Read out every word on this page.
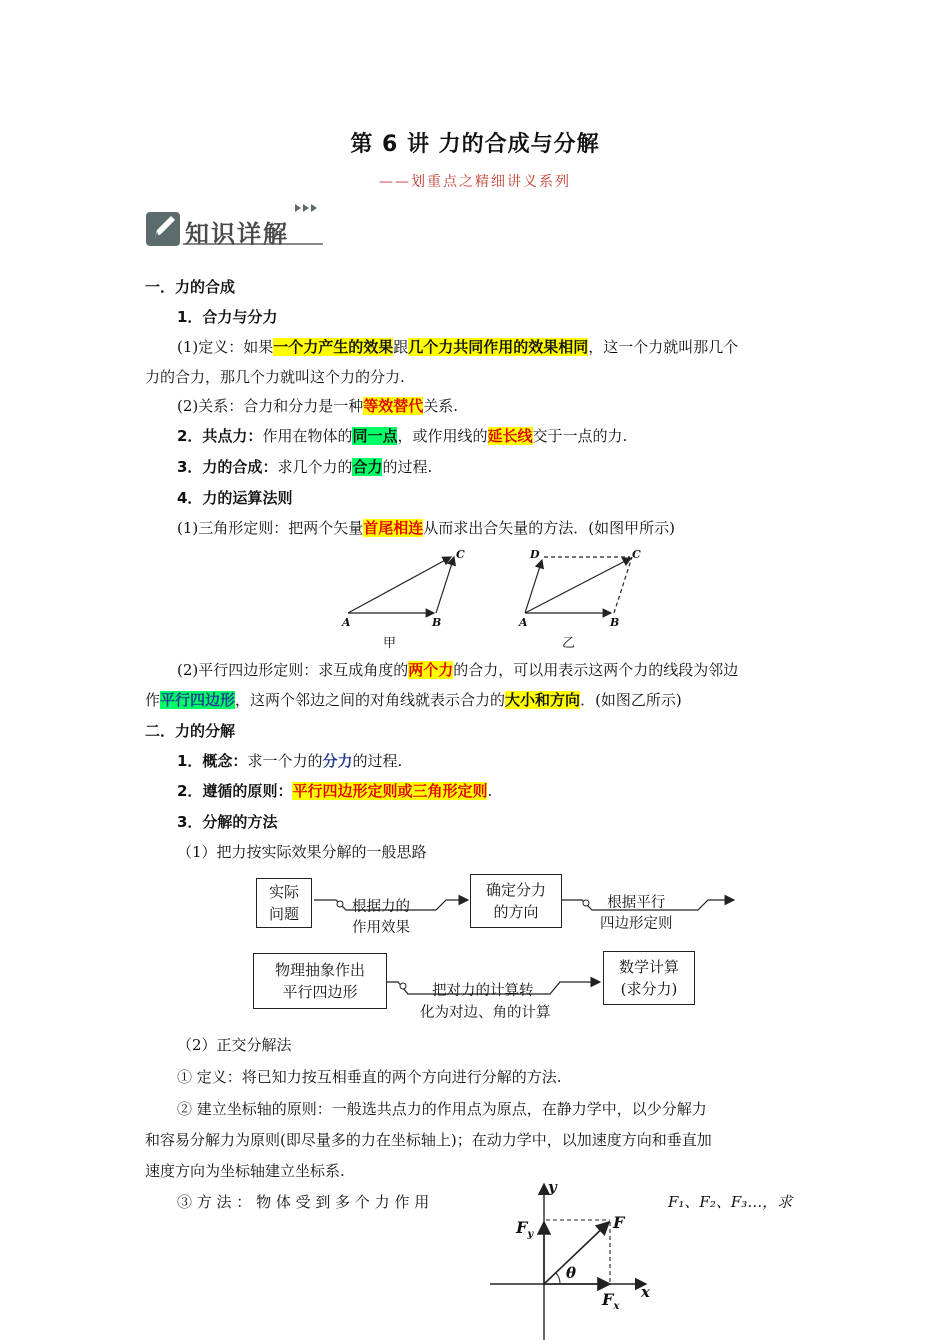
第 6 讲 力的合成与分解
——划重点之精细讲义系列
知识详解
一．力的合成
1．合力与分力
(1)定义：如果一个力产生的效果跟几个力共同作用的效果相同，这一个力就叫那几个
力的合力，那几个力就叫这个力的分力.
(2)关系：合力和分力是一种等效替代关系.
2．共点力：作用在物体的同一点，或作用线的延长线交于一点的力.
3．力的合成：求几个力的合力的过程.
4．力的运算法则
(1)三角形定则：把两个矢量首尾相连从而求出合矢量的方法．(如图甲所示)
A	B
C
甲
A	B
C
D
乙
(2)平行四边形定则：求互成角度的两个力的合力，可以用表示这两个力的线段为邻边
作平行四边形，这两个邻边之间的对角线就表示合力的大小和方向．(如图乙所示)
二．力的分解
1．概念：求一个力的分力的过程.
2．遵循的原则：平行四边形定则或三角形定则.
3．分解的方法
（1）把力按实际效果分解的一般思路
实际
问题	根据力的
作用效果
确定分力
的方向	根据平行
四边形定则
物理抽象作出
平行四边形	把对力的计算转
化为对边、角的计算
数学计算
(求分力)
（2）正交分解法
① 定义：将已知力按互相垂直的两个方向进行分解的方法.
② 建立坐标轴的原则：一般选共点力的作用点为原点，在静力学中，以少分解力
和容易分解力为原则(即尽量多的力在坐标轴上)；在动力学中，以加速度方向和垂直加
速度方向为坐标轴建立坐标系.
③ 方 法 ： 物 体 受 到 多 个 力 作 用	F₁、F₂、F₃…，求
y
x
F
$F_y$
$F_x$
θ
